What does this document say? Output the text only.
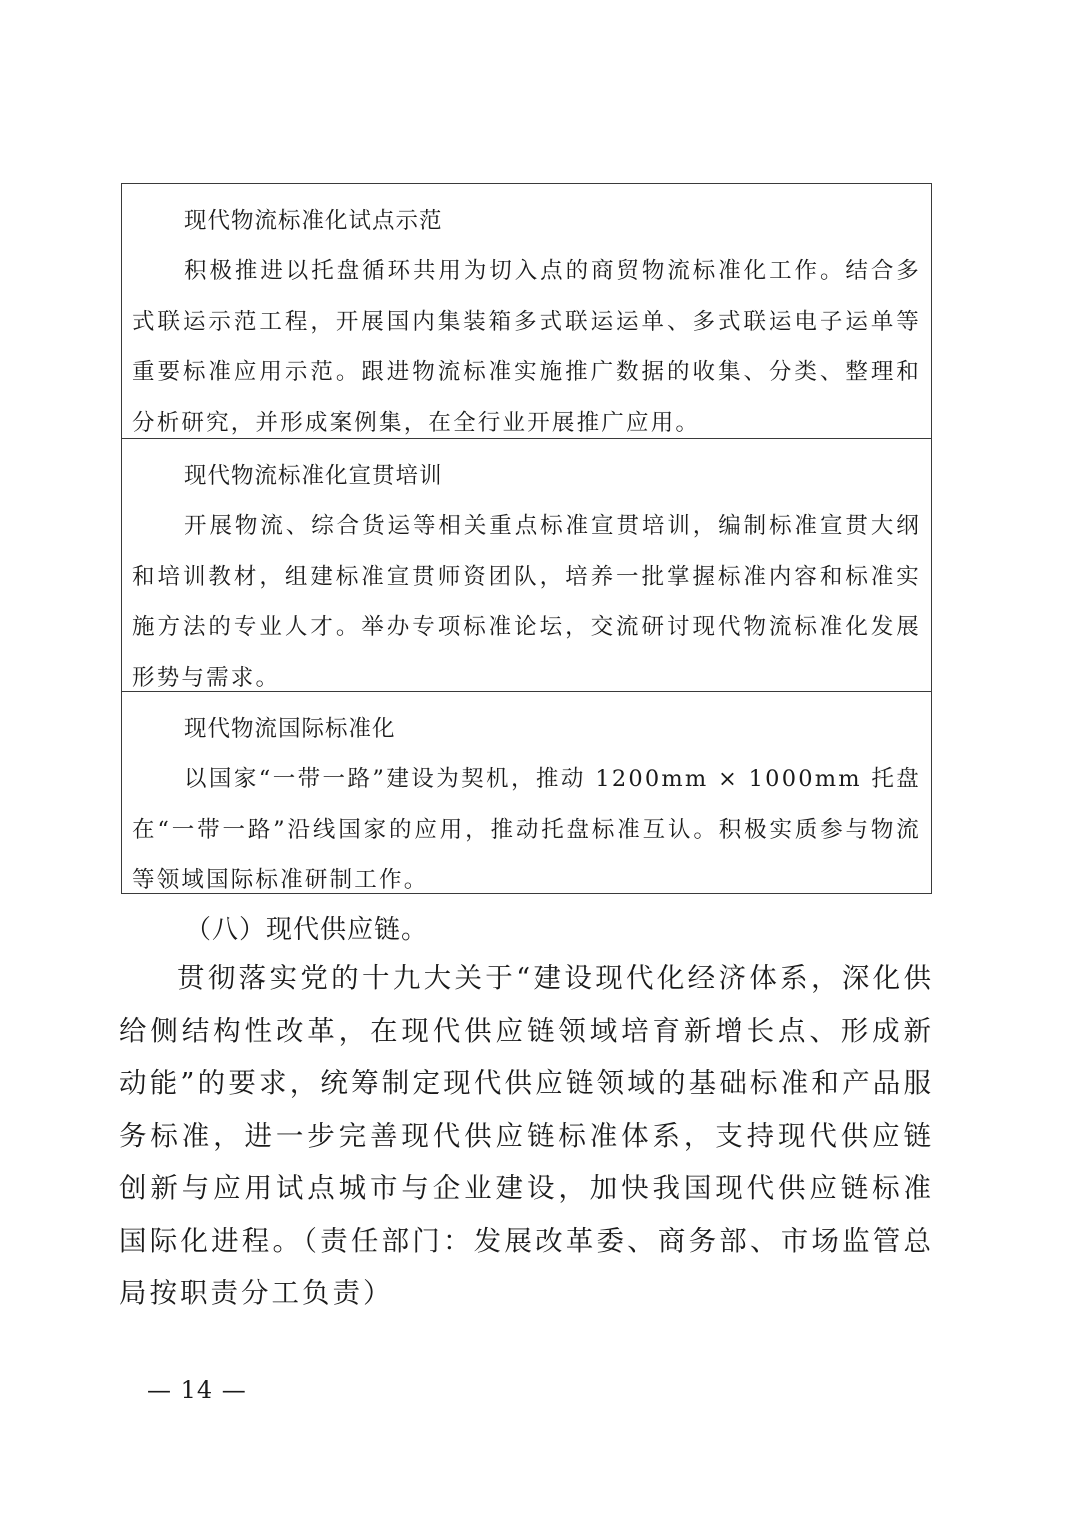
现代物流标准化试点示范
积极推进以托盘循环共用为切入点的商贸物流标准化工作。结合多式联运示范工程，开展国内集装箱多式联运运单、多式联运电子运单等重要标准应用示范。跟进物流标准实施推广数据的收集、分类、整理和分析研究，并形成案例集，在全行业开展推广应用。
现代物流标准化宣贯培训
开展物流、综合货运等相关重点标准宣贯培训，编制标准宣贯大纲和培训教材，组建标准宣贯师资团队，培养一批掌握标准内容和标准实施方法的专业人才。举办专项标准论坛，交流研讨现代物流标准化发展形势与需求。
现代物流国际标准化
以国家“一带一路”建设为契机，推动 1200mm × 1000mm 托盘在“一带一路”沿线国家的应用，推动托盘标准互认。积极实质参与物流等领域国际标准研制工作。
（八）现代供应链。
贯彻落实党的十九大关于“建设现代化经济体系，深化供给侧结构性改革，在现代供应链领域培育新增长点、形成新动能”的要求，统筹制定现代供应链领域的基础标准和产品服务标准，进一步完善现代供应链标准体系，支持现代供应链创新与应用试点城市与企业建设，加快我国现代供应链标准国际化进程。（责任部门：发展改革委、商务部、市场监管总局按职责分工负责）
— 14 —
